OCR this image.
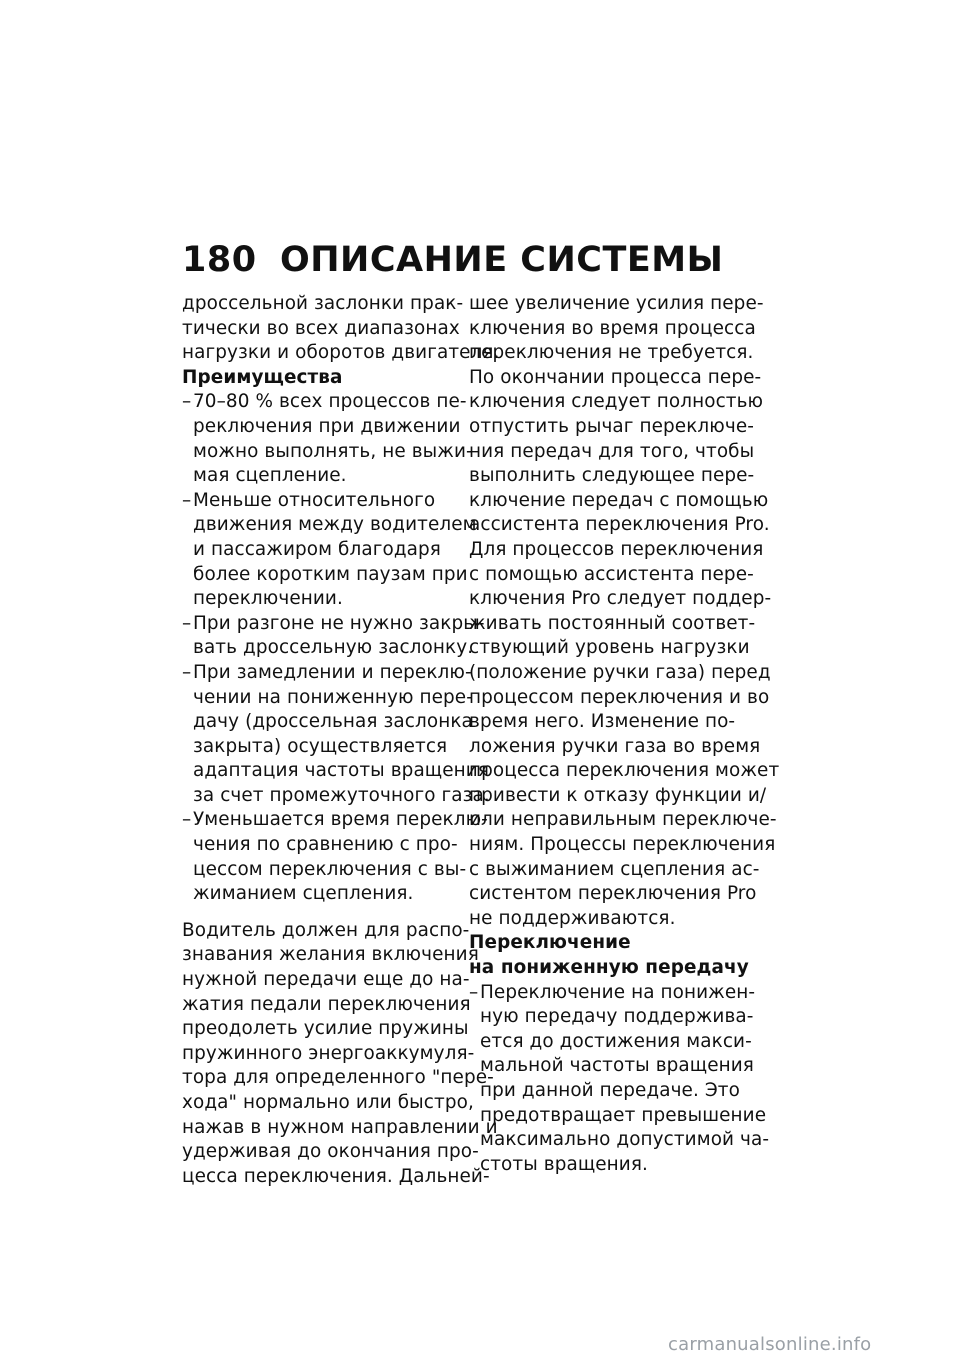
180 ОПИСАНИЕ СИСТЕМЫ
дроссельной заслонки прак-
тически во всех диапазонах
нагрузки и оборотов двигателя.
Преимущества
– 70–80 % всех процессов пе-
реключения при движении
можно выполнять, не выжи-
мая сцепление.
– Меньше относительного
движения между водителем
и пассажиром благодаря
более коротким паузам при
переключении.
– При разгоне не нужно закры-
вать дроссельную заслонку.
– При замедлении и переклю-
чении на пониженную пере-
дачу (дроссельная заслонка
закрыта) осуществляется
адаптация частоты вращения
за счет промежуточного газа.
– Уменьшается время переклю-
чения по сравнению с про-
цессом переключения с вы-
жиманием сцепления.
Водитель должен для распо-
знавания желания включения
нужной передачи еще до на-
жатия педали переключения
преодолеть усилие пружины
пружинного энергоаккумуля-
тора для определенного "пере-
хода" нормально или быстро,
нажав в нужном направлении и
удерживая до окончания про-
цесса переключения. Дальней-
шее увеличение усилия пере-
ключения во время процесса
переключения не требуется.
По окончании процесса пере-
ключения следует полностью
отпустить рычаг переключе-
ния передач для того, чтобы
выполнить следующее пере-
ключение передач с помощью
ассистента переключения Pro.
Для процессов переключения
с помощью ассистента пере-
ключения Pro следует поддер-
живать постоянный соответ-
ствующий уровень нагрузки
(положение ручки газа) перед
процессом переключения и во
время него. Изменение по-
ложения ручки газа во время
процесса переключения может
привести к отказу функции и/
или неправильным переключе-
ниям. Процессы переключения
с выжиманием сцепления ас-
систентом переключения Pro
не поддерживаются.
Переключение
на пониженную передачу
– Переключение на понижен-
ную передачу поддержива-
ется до достижения макси-
мальной частоты вращения
при данной передаче. Это
предотвращает превышение
максимально допустимой ча-
стоты вращения.
carmanualsonline.info
